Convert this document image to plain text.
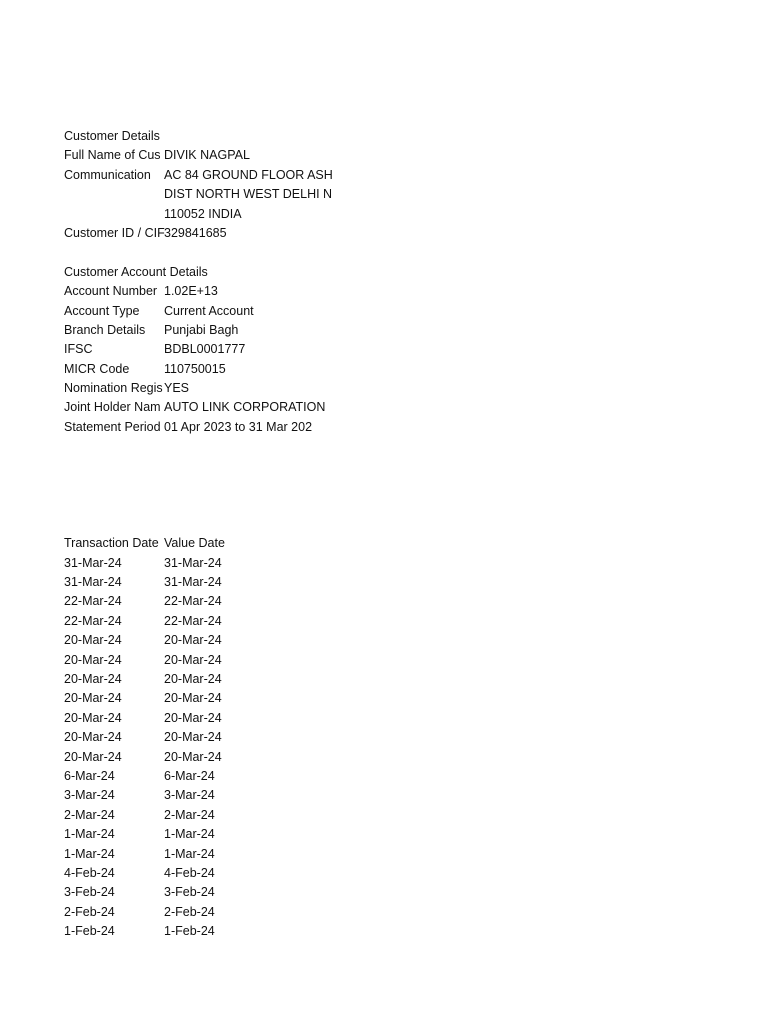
Customer Details
Full Name of Cus DIVIK NAGPAL
Communication	AC 84 GROUND FLOOR ASH
DIST NORTH WEST DELHI N
110052 INDIA
Customer ID / CIF 329841685
Customer Account Details
Account Number 1.02E+13
Account Type	Current Account
Branch Details	Punjabi Bagh
IFSC	BDBL0001777
MICR Code	110750015
Nomination Regis YES
Joint Holder Nam AUTO LINK CORPORATION
Statement Period 01 Apr 2023 to 31 Mar 202
Transaction Date Value Date
31-Mar-24	31-Mar-24
31-Mar-24	31-Mar-24
22-Mar-24	22-Mar-24
22-Mar-24	22-Mar-24
20-Mar-24	20-Mar-24
20-Mar-24	20-Mar-24
20-Mar-24	20-Mar-24
20-Mar-24	20-Mar-24
20-Mar-24	20-Mar-24
20-Mar-24	20-Mar-24
20-Mar-24	20-Mar-24
6-Mar-24	6-Mar-24
3-Mar-24	3-Mar-24
2-Mar-24	2-Mar-24
1-Mar-24	1-Mar-24
1-Mar-24	1-Mar-24
4-Feb-24	4-Feb-24
3-Feb-24	3-Feb-24
2-Feb-24	2-Feb-24
1-Feb-24	1-Feb-24
